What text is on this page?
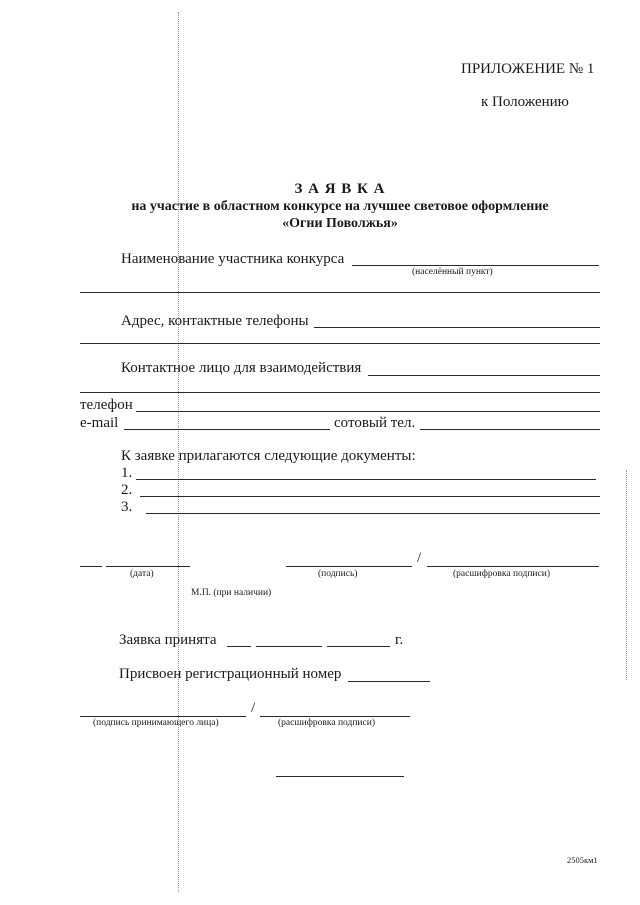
ПРИЛОЖЕНИЕ № 1
к Положению
З А Я В К А
на участие в областном конкурсе на лучшее световое оформление
«Огни Поволжья»
Наименование участника конкурса
(населённый пункт)
Адрес, контактные телефоны
Контактное лицо для взаимодействия
телефон
e-mail	сотовый тел.
К заявке прилагаются следующие документы:
1.
2.
3.
/
(дата)	(подпись)	(расшифровка подписи)
М.П. (при наличии)
Заявка принята	г.
Присвоен регистрационный номер
/
(подпись принимающего лица)	(расшифровка подписи)
2505км1
